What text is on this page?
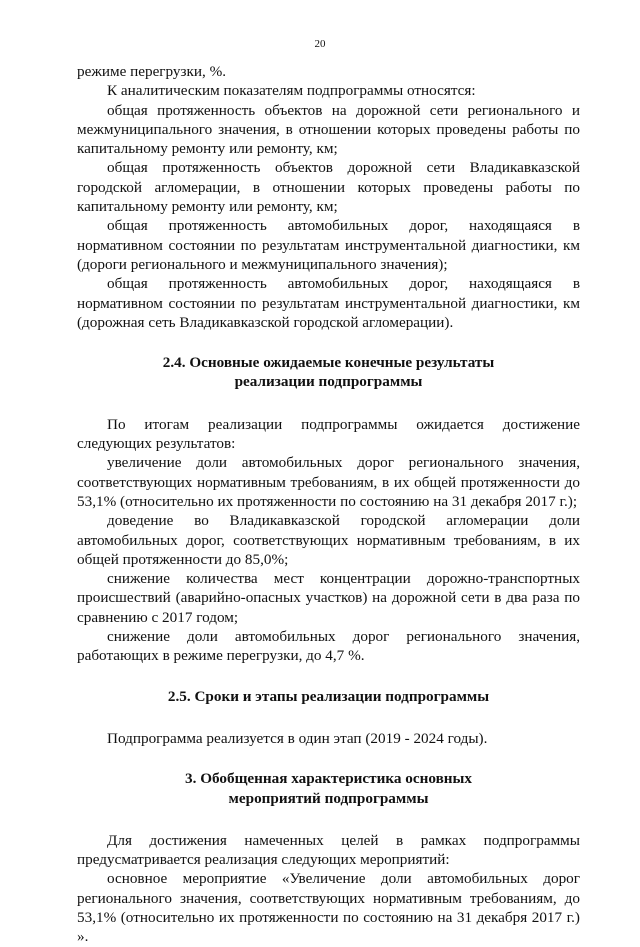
20

режиме перегрузки, %.

К аналитическим показателям подпрограммы относятся:

общая протяженность объектов на дорожной сети регионального и межмуниципального значения, в отношении которых проведены работы по капитальному ремонту или ремонту, км;

общая протяженность объектов дорожной сети Владикавказской городской агломерации, в отношении которых проведены работы по капитальному ремонту или ремонту, км;

общая протяженность автомобильных дорог, находящаяся в нормативном состоянии по результатам инструментальной диагностики, км (дороги регионального и межмуниципального значения);

общая протяженность автомобильных дорог, находящаяся в нормативном состоянии по результатам инструментальной диагностики, км (дорожная сеть Владикавказской городской агломерации).

2.4. Основные ожидаемые конечные результаты
реализации подпрограммы

По итогам реализации подпрограммы ожидается достижение следующих результатов:

увеличение доли автомобильных дорог регионального значения, соответствующих нормативным требованиям, в их общей протяженности до 53,1% (относительно их протяженности по состоянию на 31 декабря 2017 г.);

доведение во Владикавказской городской агломерации доли автомобильных дорог, соответствующих нормативным требованиям, в их общей протяженности до 85,0%;

снижение количества мест концентрации дорожно-транспортных происшествий (аварийно-опасных участков) на дорожной сети в два раза по сравнению с 2017 годом;

снижение доли автомобильных дорог регионального значения, работающих в режиме перегрузки, до 4,7 %.

2.5. Сроки и этапы реализации подпрограммы

Подпрограмма реализуется в один этап (2019 - 2024 годы).

3. Обобщенная характеристика основных
мероприятий подпрограммы

Для достижения намеченных целей в рамках подпрограммы предусматривается реализация следующих мероприятий:

основное мероприятие «Увеличение доли автомобильных дорог регионального значения, соответствующих нормативным требованиям, до 53,1% (относительно их протяженности по состоянию на 31 декабря 2017 г.) ».
